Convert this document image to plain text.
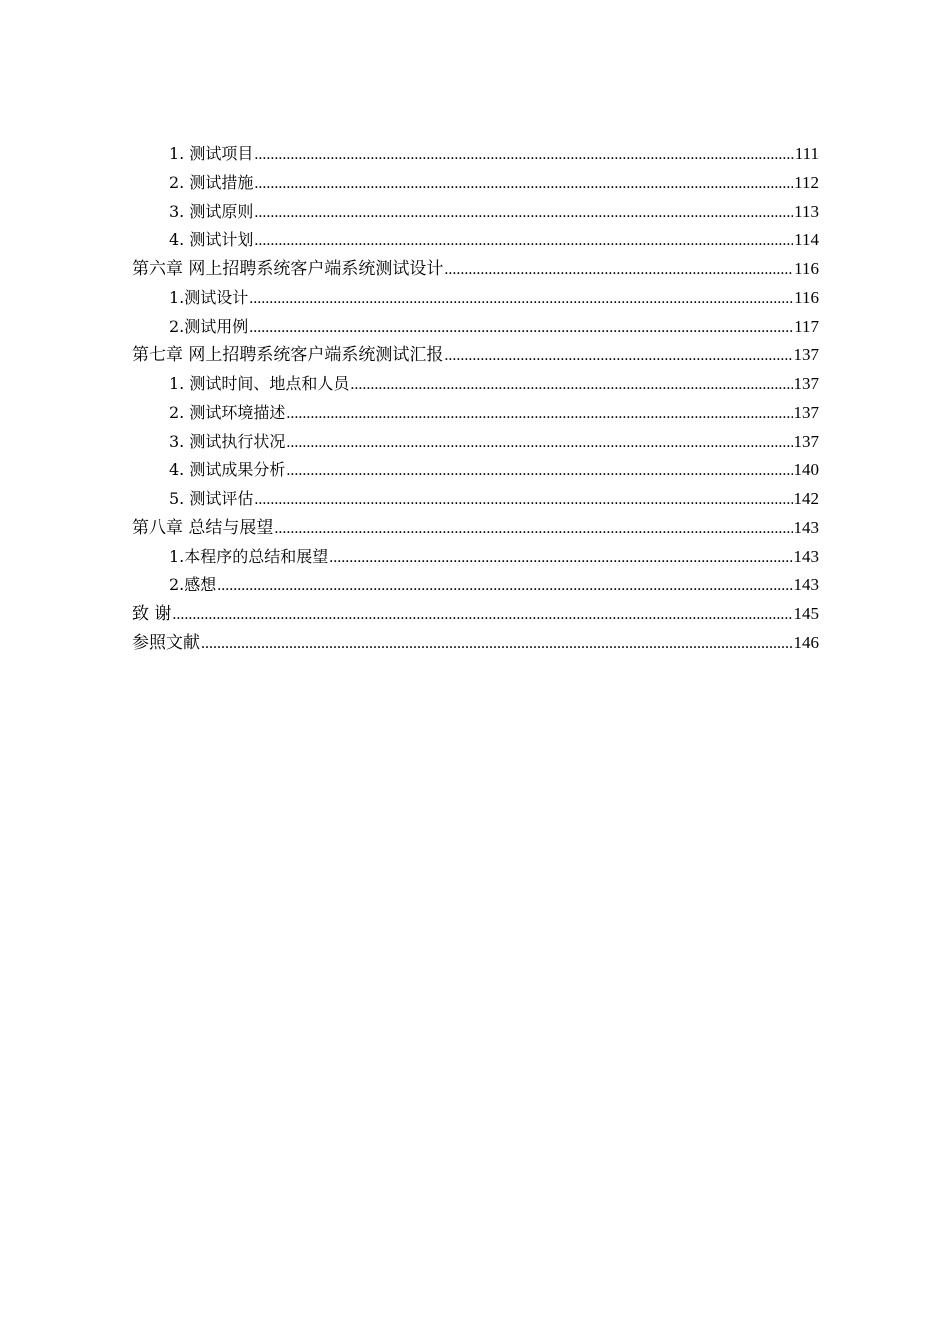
1. 测试项目 .....	111
2. 测试措施 .....	112
3. 测试原则 .....	113
4. 测试计划 .....	114
第六章 网上招聘系统客户端系统测试设计 .....	116
1.测试设计 .....	116
2.测试用例 .....	117
第七章 网上招聘系统客户端系统测试汇报 .....	137
1. 测试时间、地点和人员 .....	137
2. 测试环境描述 .....	137
3. 测试执行状况 .....	137
4. 测试成果分析 .....	140
5. 测试评估 .....	142
第八章 总结与展望 .....	143
1.本程序的总结和展望 .....	143
2.感想 .....	143
致 谢 .....	145
参照文献 .....	146
